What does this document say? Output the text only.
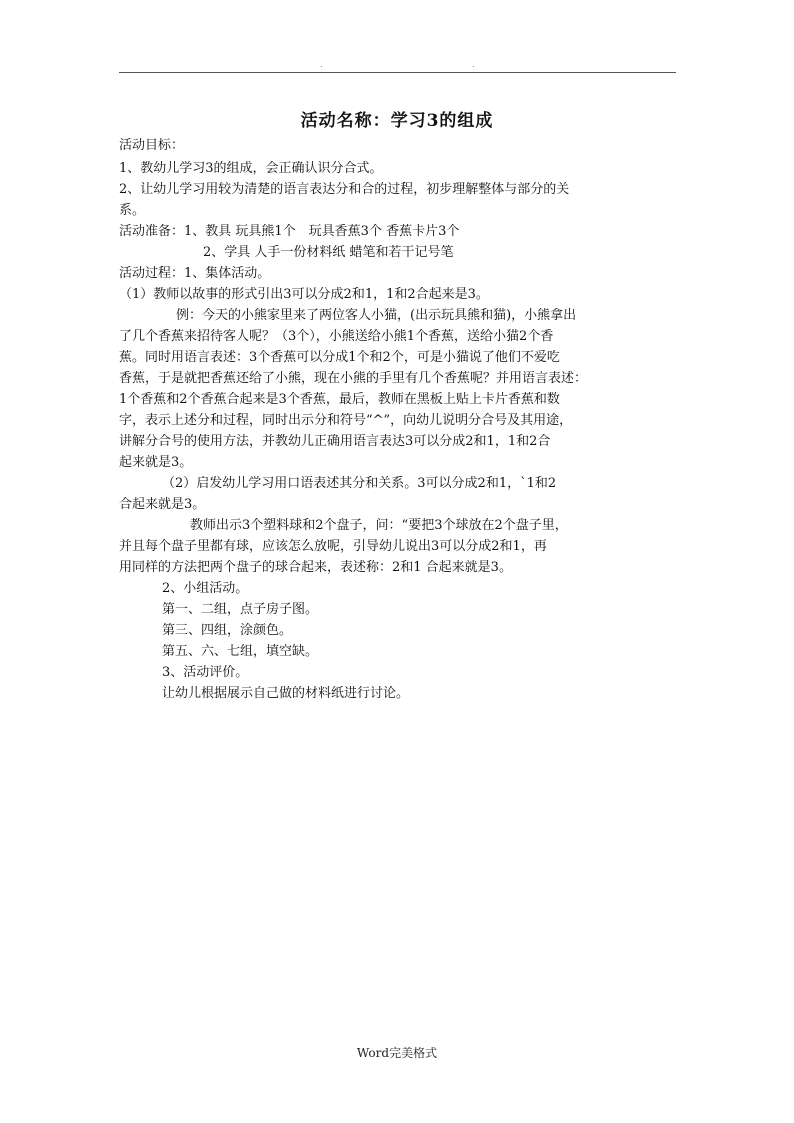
.	.
活动名称：学习3的组成
活动目标：
1、教幼儿学习3的组成，会正确认识分合式。
2、让幼儿学习用较为清楚的语言表达分和合的过程，初步理解整体与部分的关
系。
活动准备：1、教具 玩具熊1个　玩具香蕉3个 香蕉卡片3个
2、学具 人手一份材料纸 蜡笔和若干记号笔
活动过程：1、集体活动。
（1）教师以故事的形式引出3可以分成2和1，1和2合起来是3。
例：今天的小熊家里来了两位客人小猫，(出示玩具熊和猫)，小熊拿出
了几个香蕉来招待客人呢？（3个），小熊送给小熊1个香蕉，送给小猫2个香
蕉。同时用语言表述：3个香蕉可以分成1个和2个，可是小猫说了他们不爱吃
香蕉，于是就把香蕉还给了小熊，现在小熊的手里有几个香蕉呢？并用语言表述：
1个香蕉和2个香蕉合起来是3个香蕉，最后，教师在黑板上贴上卡片香蕉和数
字，表示上述分和过程，同时出示分和符号“^”，向幼儿说明分合号及其用途，
讲解分合号的使用方法，并教幼儿正确用语言表达3可以分成2和1，1和2合
起来就是3。
（2）启发幼儿学习用口语表述其分和关系。3可以分成2和1，`1和2
合起来就是3。
教师出示3个塑料球和2个盘子，问：“要把3个球放在2个盘子里，
并且每个盘子里都有球，应该怎么放呢，引导幼儿说出3可以分成2和1，再
用同样的方法把两个盘子的球合起来，表述称：2和1 合起来就是3。
2、小组活动。
第一、二组，点子房子图。
第三、四组，涂颜色。
第五、六、七组，填空缺。
3、活动评价。
让幼儿根据展示自己做的材料纸进行讨论。
Word完美格式
